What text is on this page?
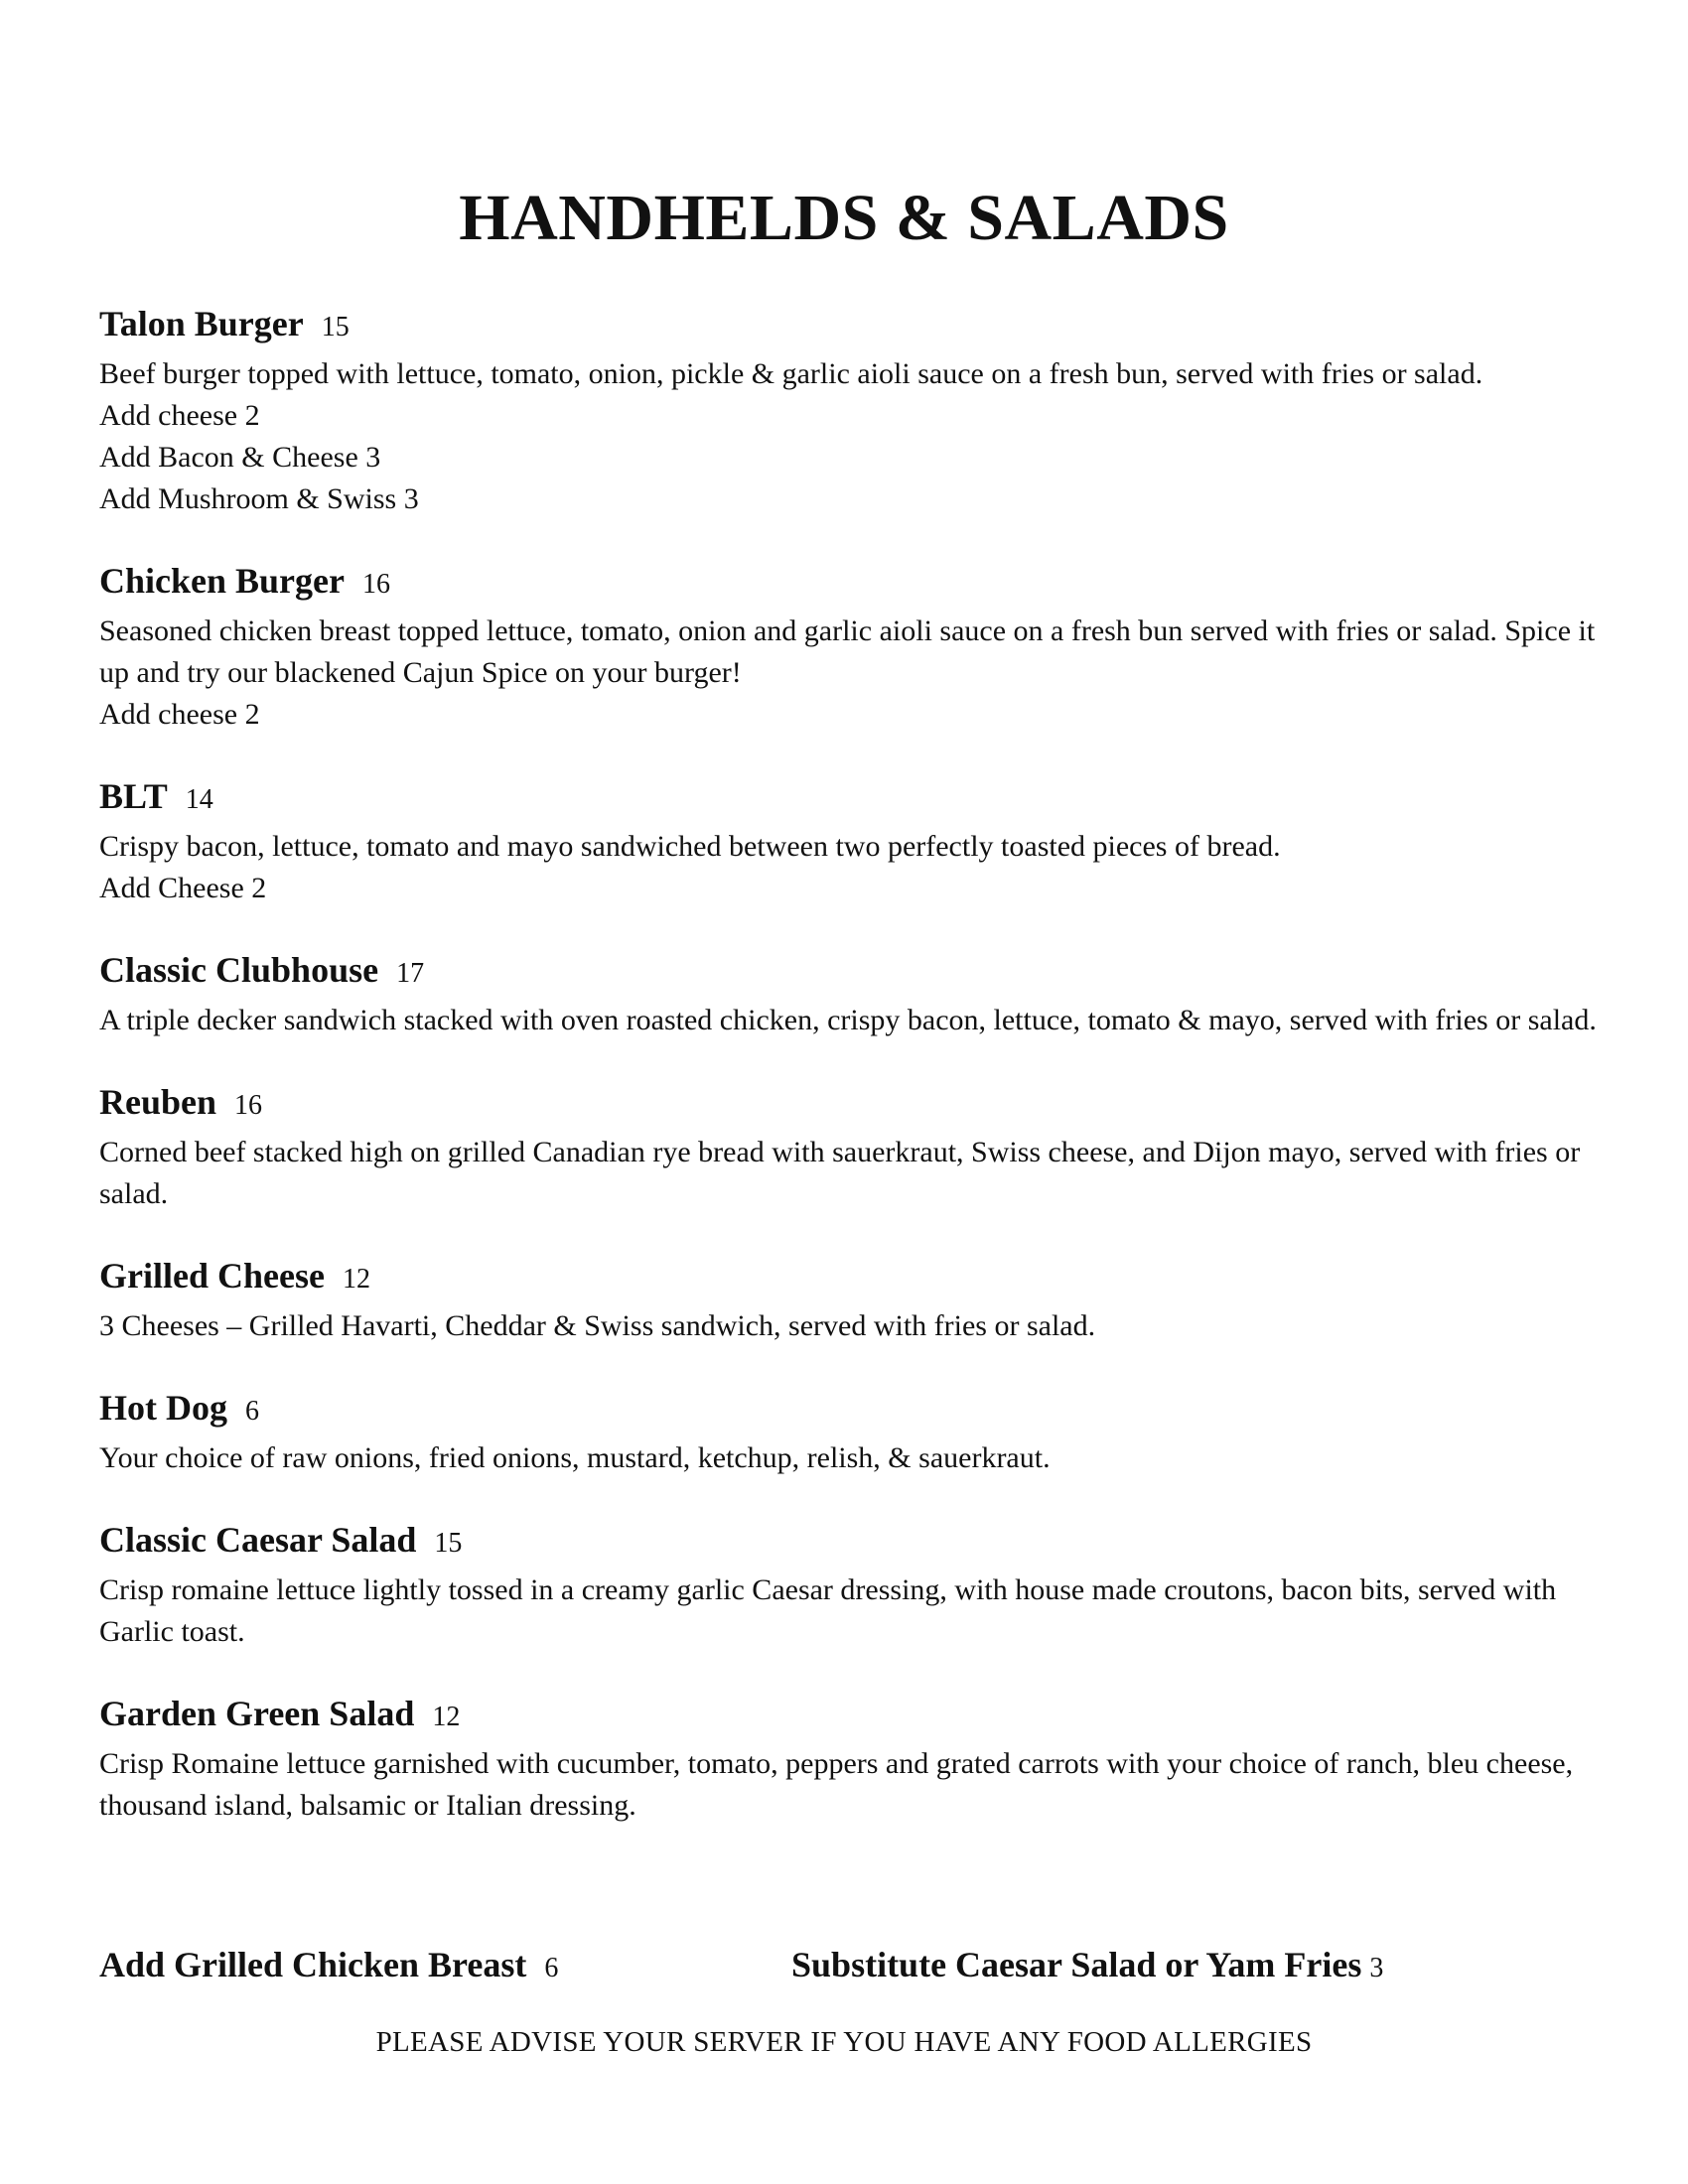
HANDHELDS & SALADS
Talon Burger 15

Beef burger topped with lettuce, tomato, onion, pickle & garlic aioli sauce on a fresh bun, served with fries or salad.

Add cheese 2

Add Bacon & Cheese 3

Add Mushroom & Swiss 3

Chicken Burger 16

Seasoned chicken breast topped lettuce, tomato, onion and garlic aioli sauce on a fresh bun served with fries or salad. Spice it up and try our blackened Cajun Spice on your burger!

Add cheese 2

BLT 14

Crispy bacon, lettuce, tomato and mayo sandwiched between two perfectly toasted pieces of bread.

Add Cheese 2

Classic Clubhouse 17

A triple decker sandwich stacked with oven roasted chicken, crispy bacon, lettuce, tomato & mayo, served with fries or salad.

Reuben 16

Corned beef stacked high on grilled Canadian rye bread with sauerkraut, Swiss cheese, and Dijon mayo, served with fries or salad.

Grilled Cheese 12

3 Cheeses – Grilled Havarti, Cheddar & Swiss sandwich, served with fries or salad.

Hot Dog 6

Your choice of raw onions, fried onions, mustard, ketchup, relish, & sauerkraut.

Classic Caesar Salad 15

Crisp romaine lettuce lightly tossed in a creamy garlic Caesar dressing, with house made croutons, bacon bits, served with Garlic toast.

Garden Green Salad 12

Crisp Romaine lettuce garnished with cucumber, tomato, peppers and grated carrots with your choice of ranch, bleu cheese, thousand island, balsamic or Italian dressing.

Add Grilled Chicken Breast 6	Substitute Caesar Salad or Yam Fries 3
PLEASE ADVISE YOUR SERVER IF YOU HAVE ANY FOOD ALLERGIES
